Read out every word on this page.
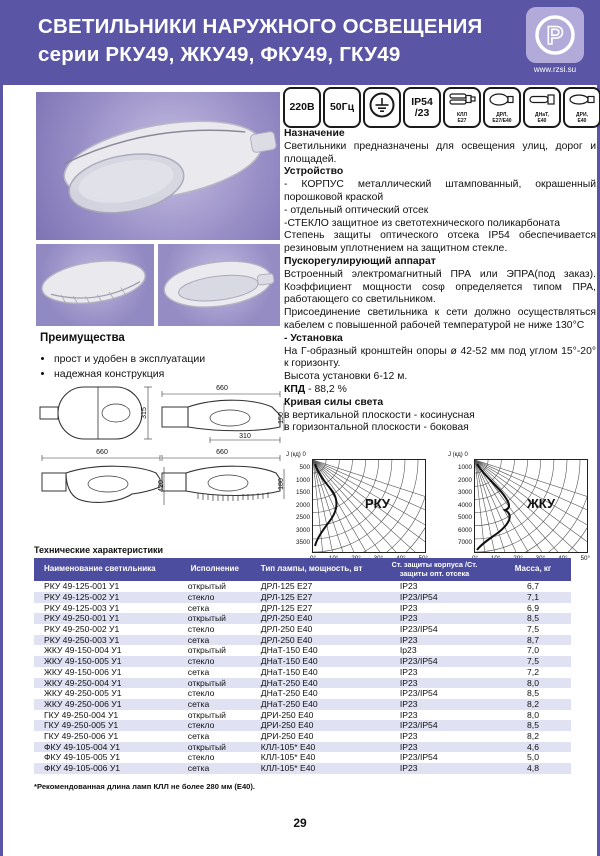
СВЕТИЛЬНИКИ НАРУЖНОГО ОСВЕЩЕНИЯ
серии РКУ49, ЖКУ49, ФКУ49, ГКУ49
Р
www.rzsi.su
220В 50Гц	IP54
/23	КЛЛ
Е27
ДРЛ,
Е27/Е40
ДНаТ,
Е40
ДРИ,
Е40

Назначение

Светильники предназначены для освещения улиц, дорог и площадей.

Устройство

- КОРПУС металлический штампованный, окрашенный порошковой краской

- отдельный оптический отсек

-СТЕКЛО защитное из светотехнического поликарбоната

Степень защиты оптического отсека IP54 обеспечивается резиновым уплотнением на защитном стекле.

Пускорегулирующий аппарат

Встроенный электромагнитный ПРА или ЭПРА(под заказ). Коэффициент мощности cosφ определяется типом ПРА, работающего со светильником.

Присоединение светильника к сети должно осуществляться кабелем с повышенной рабочей температурой не ниже 130°С

- Установка

На Г-образный кронштейн опоры ø 42-52 мм под углом 15°-20° к горизонту.

Высота установки 6-12 м.

КПД - 88,2 %

Кривая силы света

в вертикальной плоскости - косинусная

в горизонтальной плоскости - боковая

Преимущества
• прост и удобен в эксплуатации
• надежная конструкция
315
660
150
310
660
420
660
180
J (кд) 0
500
1000
1500
2000
2500
3000
3500
РКУ
J (кд) 0
1000
2000
3000
4000
5000
6000
7000
ЖКУ
50°
Технические характеристики
Наименование светильника	Исполнение	Тип лампы, мощность, вт	Ст. защиты корпуса /Ст. защиты опт. отсека	Масса, кг
РКУ 49-125-001 У1	открытый	ДРЛ-125 Е27	IP23	6,7
РКУ 49-125-002 У1	стекло	ДРЛ-125 Е27	IP23/IP54	7,1
РКУ 49-125-003 У1	сетка	ДРЛ-125 Е27	IP23	6,9
РКУ 49-250-001 У1	открытый	ДРЛ-250 Е40	IP23	8,5
РКУ 49-250-002 У1	стекло	ДРЛ-250 Е40	IP23/IP54	7,5
РКУ 49-250-003 У1	сетка	ДРЛ-250 Е40	IP23	8,7
ЖКУ 49-150-004 У1	открытый	ДНаТ-150 Е40	Ip23	7,0
ЖКУ 49-150-005 У1	стекло	ДНаТ-150 Е40	IP23/IP54	7,5
ЖКУ 49-150-006 У1	сетка	ДНаТ-150 Е40	IP23	7,2
ЖКУ 49-250-004 У1	открытый	ДНаТ-250 Е40	IP23	8,0
ЖКУ 49-250-005 У1	стекло	ДНаТ-250 Е40	IP23/IP54	8,5
ЖКУ 49-250-006 У1	сетка	ДНаТ-250 Е40	IP23	8,2
ГКУ 49-250-004 У1	открытый	ДРИ-250 Е40	IP23	8,0
ГКУ 49-250-005 У1	стекло	ДРИ-250 Е40	IP23/IP54	8,5
ГКУ 49-250-006 У1	сетка	ДРИ-250 Е40	IP23	8,2
ФКУ 49-105-004 У1	открытый	КЛЛ-105* Е40	IP23	4,6
ФКУ 49-105-005 У1	стекло	КЛЛ-105* Е40	IP23/IP54	5,0
ФКУ 49-105-006 У1	сетка	КЛЛ-105* Е40	IP23	4,8
*Рекомендованная длина ламп КЛЛ не более 280 мм (Е40).
29
